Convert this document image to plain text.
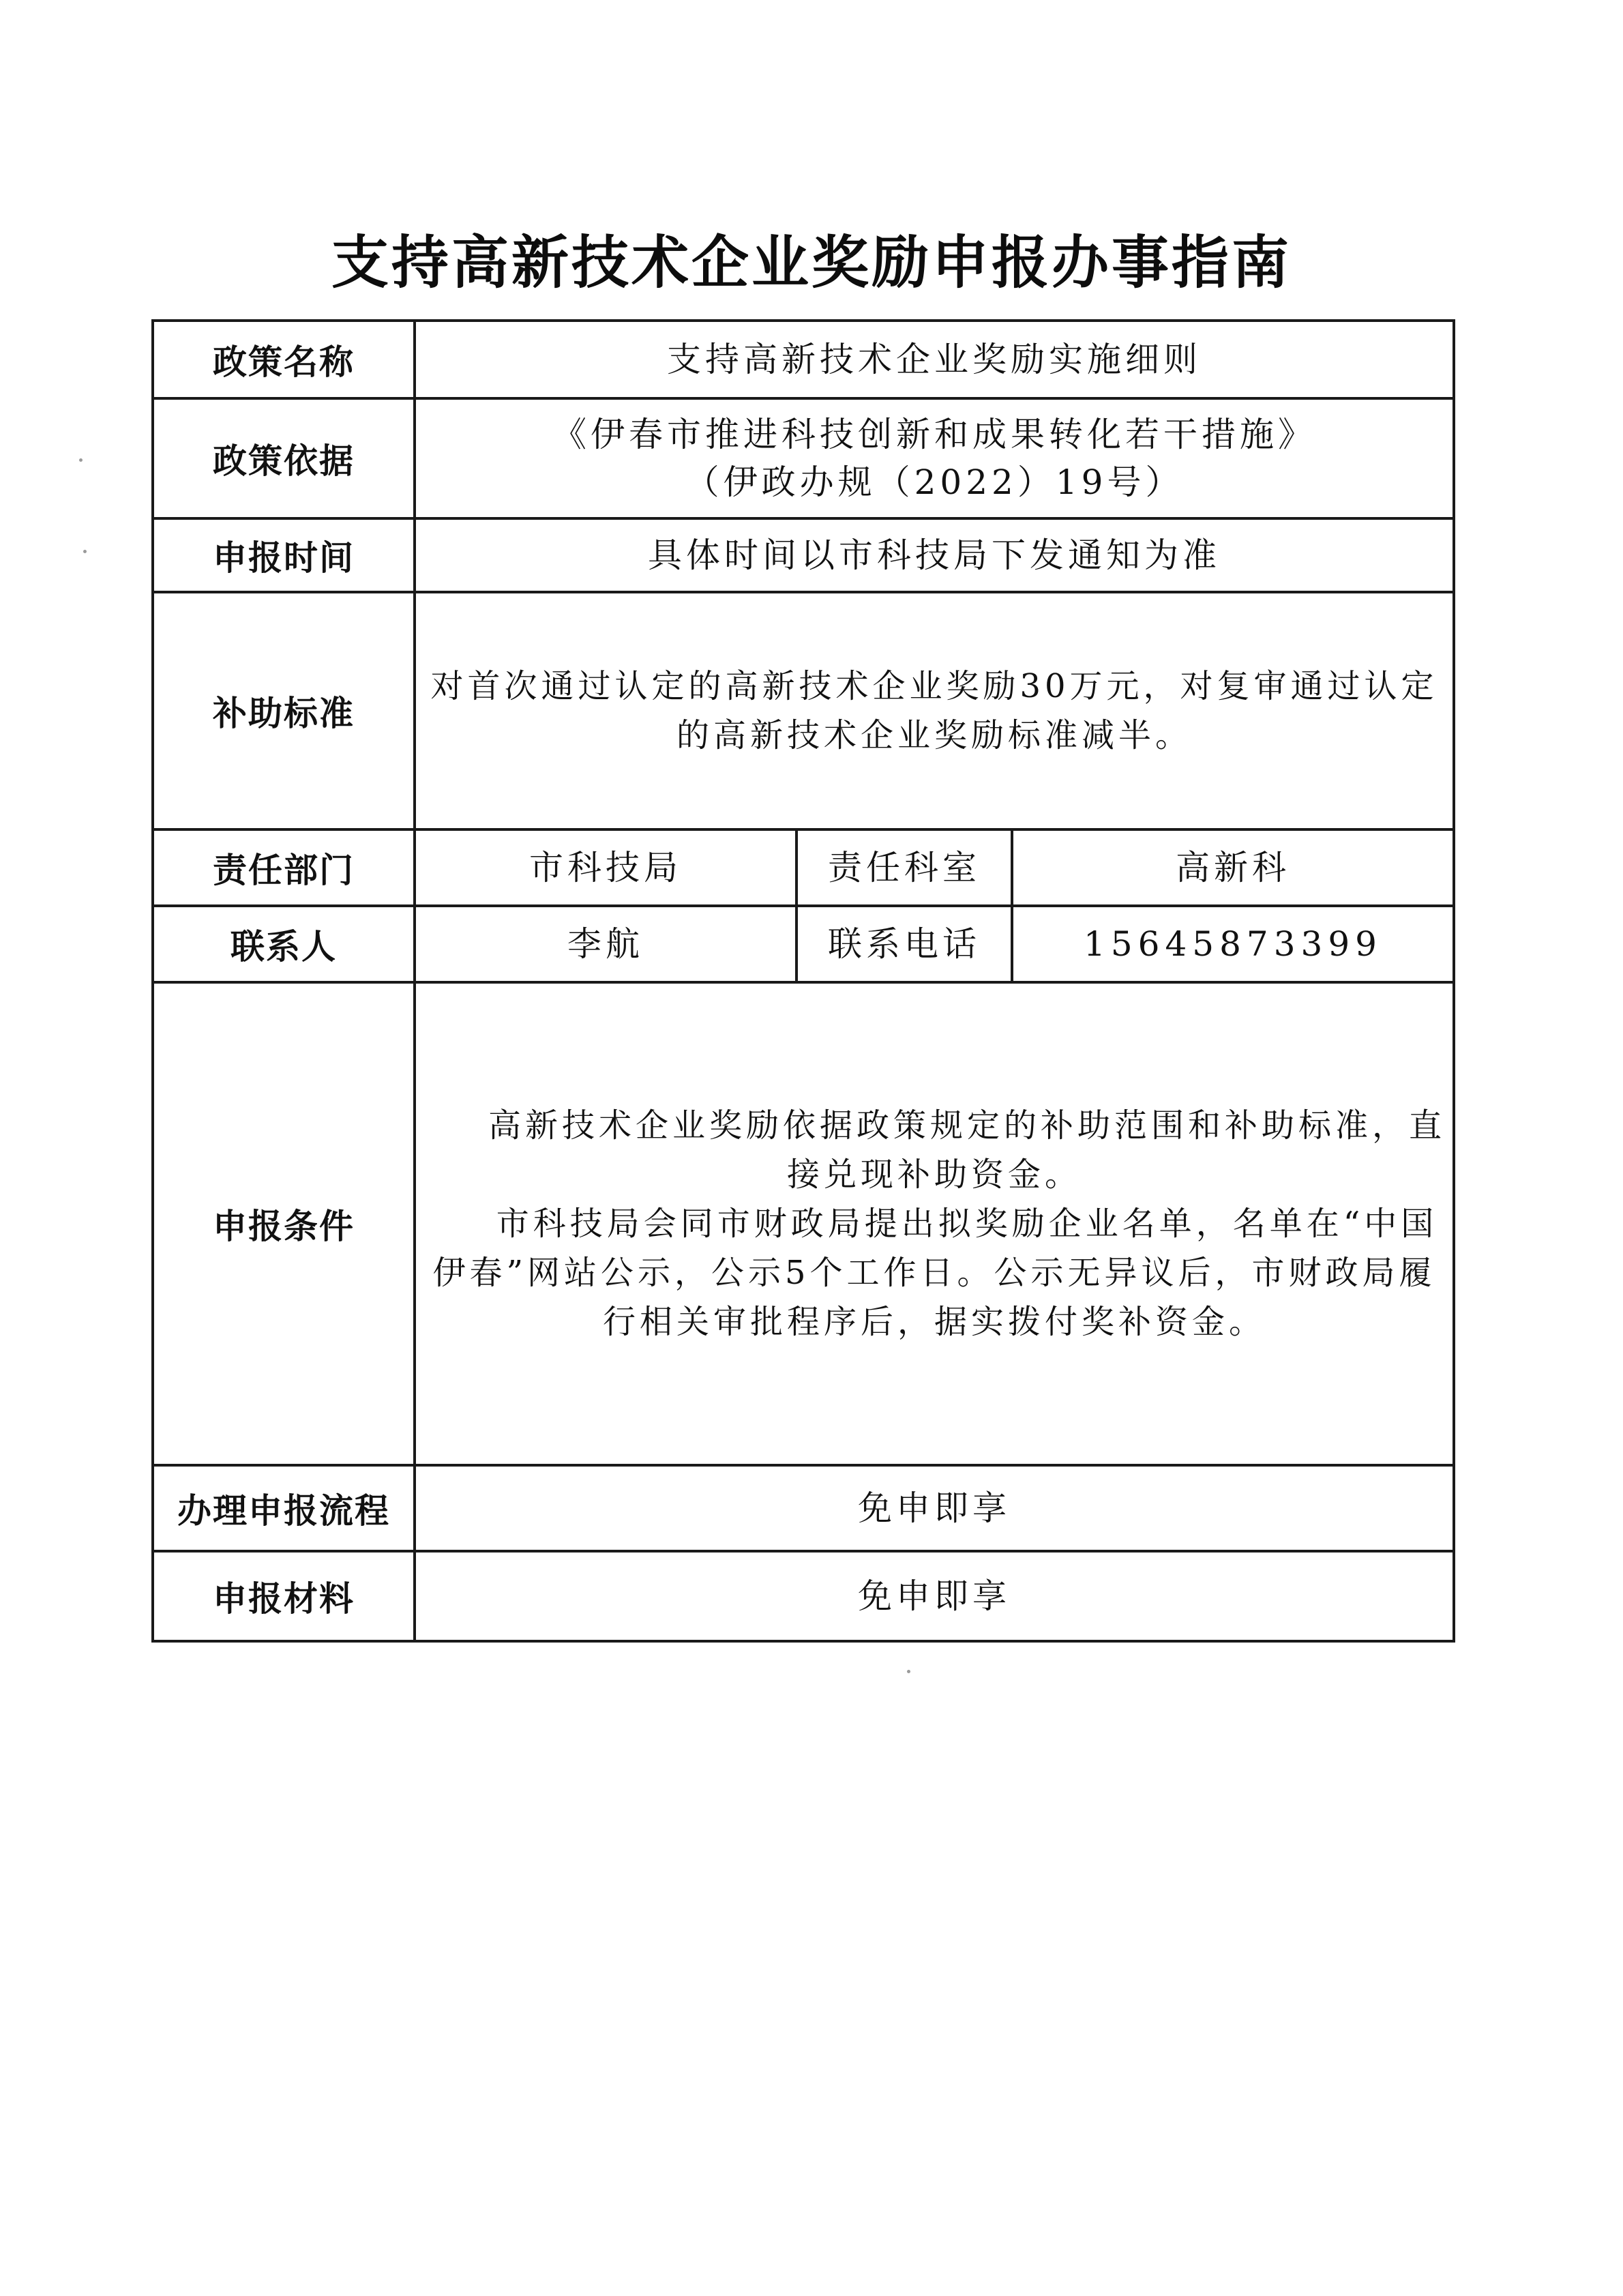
支持高新技术企业奖励申报办事指南
政策名称	支持高新技术企业奖励实施细则		
政策依据	《伊春市推进科技创新和成果转化若干措施》
（伊政办规（2022）19号）		

申报时间	具体时间以市科技局下发通知为准		
补助标准	对首次通过认定的高新技术企业奖励30万元，对复审通过认定的高新技术企业奖励标准减半。		

责任部门	市科技局	责任科室	高新科
联系人	李航	联系电话	15645873399
申报条件	高新技术企业奖励依据政策规定的补助范围和补助标准，直接兑现补助资金。

市科技局会同市财政局提出拟奖励企业名单，名单在“中国伊春”网站公示，公示5个工作日。公示无异议后，市财政局履行相关审批程序后，据实拨付奖补资金。		

办理申报流程	免申即享		
申报材料	免申即享		
